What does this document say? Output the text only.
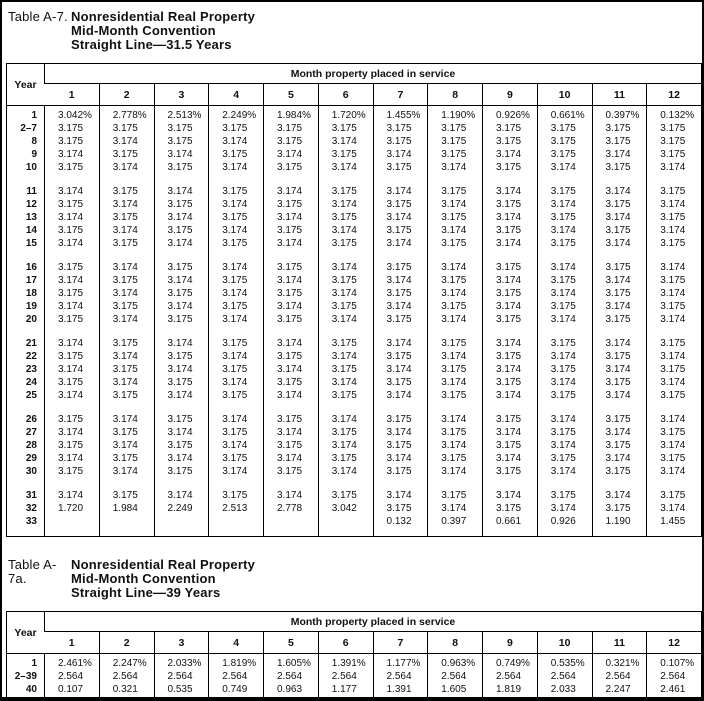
Table A-7. Nonresidential Real Property
Mid-Month Convention
Straight Line—31.5 Years
Year	Month property placed in service											
	1	2	3	4	5	6	7	8	9	10	11	12
1	3.042%	2.778%	2.513%	2.249%	1.984%	1.720%	1.455%	1.190%	0.926%	0.661%	0.397%	0.132%
2–7	3.175	3.175	3.175	3.175	3.175	3.175	3.175	3.175	3.175	3.175	3.175	3.175
8	3.175	3.174	3.175	3.174	3.175	3.174	3.175	3.175	3.175	3.175	3.175	3.175
9	3.174	3.175	3.174	3.175	3.174	3.175	3.174	3.175	3.174	3.175	3.174	3.175
10	3.175	3.174	3.175	3.174	3.175	3.174	3.175	3.174	3.175	3.174	3.175	3.174

11	3.174	3.175	3.174	3.175	3.174	3.175	3.174	3.175	3.174	3.175	3.174	3.175
12	3.175	3.174	3.175	3.174	3.175	3.174	3.175	3.174	3.175	3.174	3.175	3.174
13	3.174	3.175	3.174	3.175	3.174	3.175	3.174	3.175	3.174	3.175	3.174	3.175
14	3.175	3.174	3.175	3.174	3.175	3.174	3.175	3.174	3.175	3.174	3.175	3.174
15	3.174	3.175	3.174	3.175	3.174	3.175	3.174	3.175	3.174	3.175	3.174	3.175

16	3.175	3.174	3.175	3.174	3.175	3.174	3.175	3.174	3.175	3.174	3.175	3.174
17	3.174	3.175	3.174	3.175	3.174	3.175	3.174	3.175	3.174	3.175	3.174	3.175
18	3.175	3.174	3.175	3.174	3.175	3.174	3.175	3.174	3.175	3.174	3.175	3.174
19	3.174	3.175	3.174	3.175	3.174	3.175	3.174	3.175	3.174	3.175	3.174	3.175
20	3.175	3.174	3.175	3.174	3.175	3.174	3.175	3.174	3.175	3.174	3.175	3.174

21	3.174	3.175	3.174	3.175	3.174	3.175	3.174	3.175	3.174	3.175	3.174	3.175
22	3.175	3.174	3.175	3.174	3.175	3.174	3.175	3.174	3.175	3.174	3.175	3.174
23	3.174	3.175	3.174	3.175	3.174	3.175	3.174	3.175	3.174	3.175	3.174	3.175
24	3.175	3.174	3.175	3.174	3.175	3.174	3.175	3.174	3.175	3.174	3.175	3.174
25	3.174	3.175	3.174	3.175	3.174	3.175	3.174	3.175	3.174	3.175	3.174	3.175

26	3.175	3.174	3.175	3.174	3.175	3.174	3.175	3.174	3.175	3.174	3.175	3.174
27	3.174	3.175	3.174	3.175	3.174	3.175	3.174	3.175	3.174	3.175	3.174	3.175
28	3.175	3.174	3.175	3.174	3.175	3.174	3.175	3.174	3.175	3.174	3.175	3.174
29	3.174	3.175	3.174	3.175	3.174	3.175	3.174	3.175	3.174	3.175	3.174	3.175
30	3.175	3.174	3.175	3.174	3.175	3.174	3.175	3.174	3.175	3.174	3.175	3.174

31	3.174	3.175	3.174	3.175	3.174	3.175	3.174	3.175	3.174	3.175	3.174	3.175
32	1.720	1.984	2.249	2.513	2.778	3.042	3.175	3.174	3.175	3.174	3.175	3.174
33							0.132	0.397	0.661	0.926	1.190	1.455
Table A-7a.
Nonresidential Real Property
Mid-Month Convention
Straight Line—39 Years
Year	Month property placed in service											
	1	2	3	4	5	6	7	8	9	10	11	12
1	2.461%	2.247%	2.033%	1.819%	1.605%	1.391%	1.177%	0.963%	0.749%	0.535%	0.321%	0.107%
2–39	2.564	2.564	2.564	2.564	2.564	2.564	2.564	2.564	2.564	2.564	2.564	2.564
40	0.107	0.321	0.535	0.749	0.963	1.177	1.391	1.605	1.819	2.033	2.247	2.461
